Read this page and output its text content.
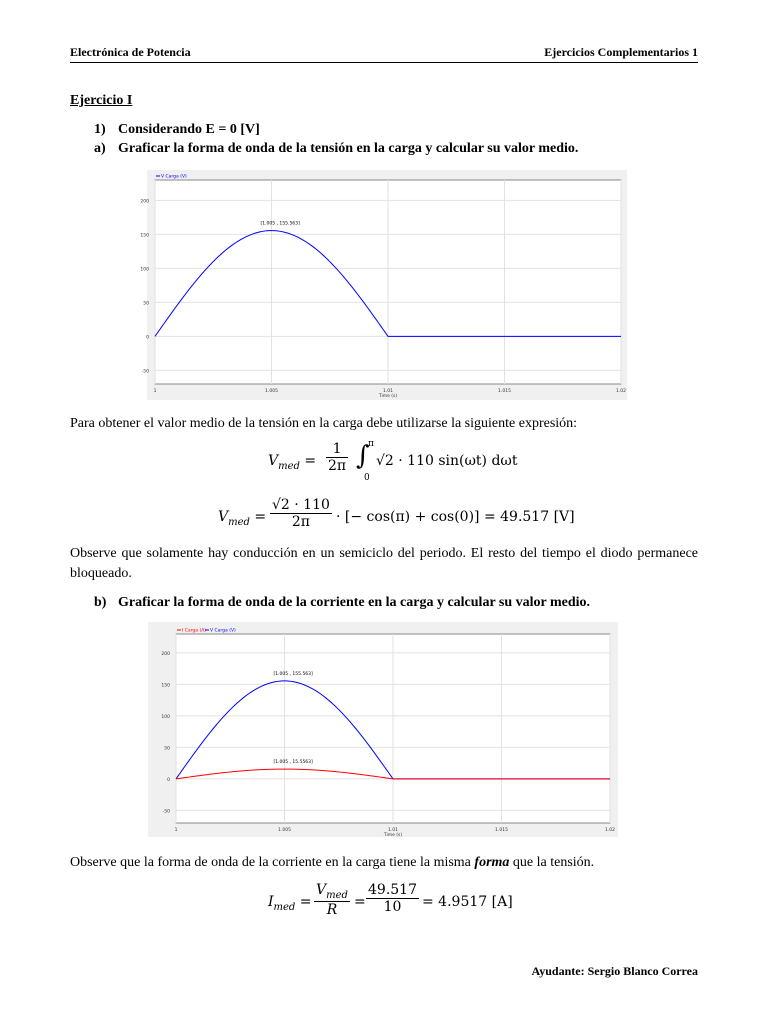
Electrónica de Potencia	Ejercicios Complementarios 1
Ejercicio I
1) Considerando E = 0 [V]
a) Graficar la forma de onda de la tensión en la carga y calcular su valor medio.
1	1.005	1.01	1.015	1.02
200
150
100
50
0
-50
Time (s)
V Carga (V)
[1.005 , 155.563]
Para obtener el valor medio de la tensión en la carga debe utilizarse la siguiente expresión:
$V_{med} = \frac{1}{2\pi}$ ∫
π
0
√2 · 110 sin(ωt) dωt
$V_{med} = \frac{√2 \cdot 110}{2\pi}$ · [− cos(π) + cos(0)] = 49.517 [V]
Observe que solamente hay conducción en un semiciclo del periodo. El resto del tiempo el diodo permanece bloqueado.
b) Graficar la forma de onda de la corriente en la carga y calcular su valor medio.
1	1.005	1.01	1.015	1.02
200
150
100
50
0
-50
Time (s)
I Carga (A) V Carga (V)
[1.005 , 155.563]
[1.005 , 15.5563]
Observe que la forma de onda de la corriente en la carga tiene la misma forma que la tensión.
$I_{med}$ =
$V_{med}$
R	= $\frac{49.517}{10} = 4.9517$ [A]
Ayudante: Sergio Blanco Correa
